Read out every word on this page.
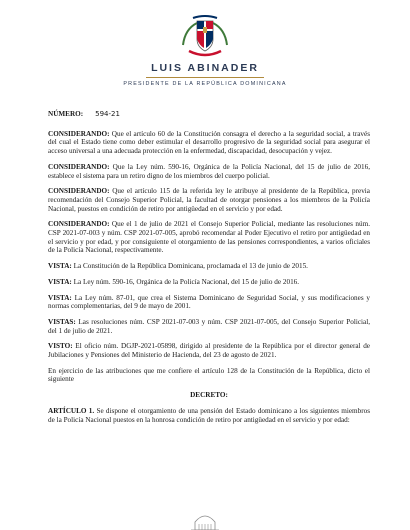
LUIS ABINADER
PRESIDENTE DE LA REPÚBLICA DOMINICANA

NÚMERO: 594-21

CONSIDERANDO: Que el artículo 60 de la Constitución consagra el derecho a la seguridad social, a través del cual el Estado tiene como deber estimular el desarrollo progresivo de la seguridad social para asegurar el acceso universal a una adecuada protección en la enfermedad, discapacidad, desocupación y vejez.

CONSIDERANDO: Que la Ley núm. 590-16, Orgánica de la Policía Nacional, del 15 de julio de 2016, establece el sistema para un retiro digno de los miembros del cuerpo policial.

CONSIDERANDO: Que el artículo 115 de la referida ley le atribuye al presidente de la República, previa recomendación del Consejo Superior Policial, la facultad de otorgar pensiones a los miembros de la Policía Nacional, puestos en condición de retiro por antigüedad en el servicio y por edad.

CONSIDERANDO: Que el 1 de julio de 2021 el Consejo Superior Policial, mediante las resoluciones núm. CSP 2021-07-003 y núm. CSP 2021-07-005, aprobó recomendar al Poder Ejecutivo el retiro por antigüedad en el servicio y por edad, y por consiguiente el otorgamiento de las pensiones correspondientes, a varios oficiales de la Policía Nacional, respectivamente.

VISTA: La Constitución de la República Dominicana, proclamada el 13 de junio de 2015.

VISTA: La Ley núm. 590-16, Orgánica de la Policía Nacional, del 15 de julio de 2016.

VISTA: La Ley núm. 87-01, que crea el Sistema Dominicano de Seguridad Social, y sus modificaciones y normas complementarias, del 9 de mayo de 2001.

VISTAS: Las resoluciones núm. CSP 2021-07-003 y núm. CSP 2021-07-005, del Consejo Superior Policial, del 1 de julio de 2021.

VISTO: El oficio núm. DGJP-2021-05898, dirigido al presidente de la República por el director general de Jubilaciones y Pensiones del Ministerio de Hacienda, del 23 de agosto de 2021.

En ejercicio de las atribuciones que me confiere el artículo 128 de la Constitución de la República, dicto el siguiente

DECRETO:

ARTÍCULO 1. Se dispone el otorgamiento de una pensión del Estado dominicano a los siguientes miembros de la Policía Nacional puestos en la honrosa condición de retiro por antigüedad en el servicio y por edad:
